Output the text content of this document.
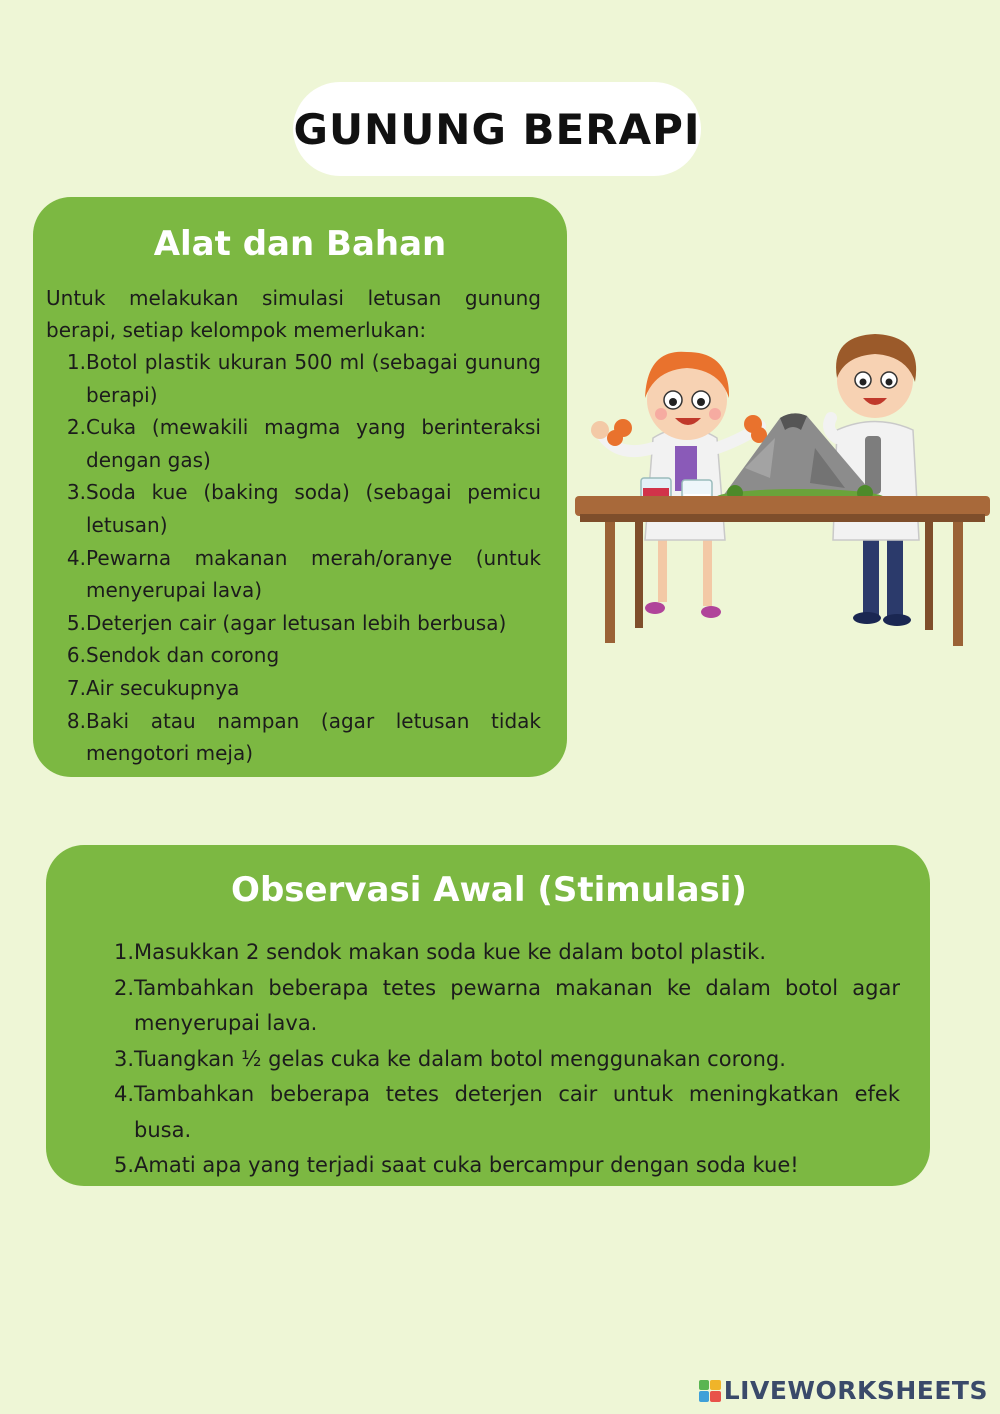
GUNUNG BERAPI
Alat dan Bahan

Untuk melakukan simulasi letusan gunung berapi, setiap kelompok memerlukan:

1. Botol plastik ukuran 500 ml (sebagai gunung berapi)
2. Cuka (mewakili magma yang berinteraksi dengan gas)
3. Soda kue (baking soda) (sebagai pemicu letusan)
4. Pewarna makanan merah/oranye (untuk menyerupai lava)
5. Deterjen cair (agar letusan lebih berbusa)
6. Sendok dan corong
7. Air secukupnya
8. Baki atau nampan (agar letusan tidak mengotori meja)
Observasi Awal (Stimulasi)
1. Masukkan 2 sendok makan soda kue ke dalam botol plastik.
2. Tambahkan beberapa tetes pewarna makanan ke dalam botol agar menyerupai lava.
3. Tuangkan ½ gelas cuka ke dalam botol menggunakan corong.
4. Tambahkan beberapa tetes deterjen cair untuk meningkatkan efek busa.
5. Amati apa yang terjadi saat cuka bercampur dengan soda kue!
LIVEWORKSHEETS
